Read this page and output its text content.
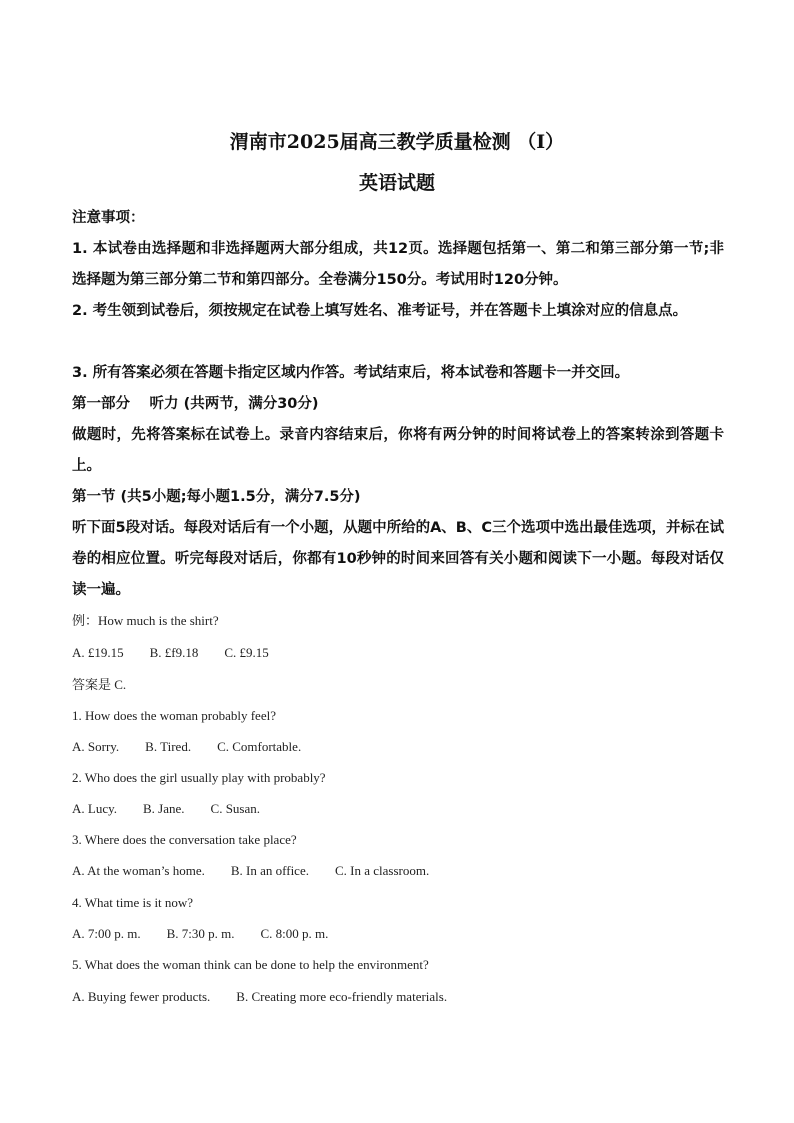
渭南市2025届高三教学质量检测 （Ⅰ）
英语试题

注意事项：

1. 本试卷由选择题和非选择题两大部分组成，共12页。选择题包括第一、第二和第三部分第一节;非选择题为第三部分第二节和第四部分。全卷满分150分。考试用时120分钟。

2. 考生领到试卷后，须按规定在试卷上填写姓名、准考证号，并在答题卡上填涂对应的信息点。

3. 所有答案必须在答题卡指定区域内作答。考试结束后，将本试卷和答题卡一并交回。

第一部分　 听力 (共两节，满分30分)

做题时，先将答案标在试卷上。录音内容结束后，你将有两分钟的时间将试卷上的答案转涂到答题卡上。

第一节 (共5小题;每小题1.5分，满分7.5分)

听下面5段对话。每段对话后有一个小题，从题中所给的A、B、C三个选项中选出最佳选项，并标在试卷的相应位置。听完每段对话后，你都有10秒钟的时间来回答有关小题和阅读下一小题。每段对话仅读一遍。

例：How much is the shirt?

A. £19.15        B. £f9.18        C. £9.15

答案是 C.

1. How does the woman probably feel?

A. Sorry.        B. Tired.        C. Comfortable.

2. Who does the girl usually play with probably?

A. Lucy.        B. Jane.        C. Susan.

3. Where does the conversation take place?

A. At the woman’s home.        B. In an office.        C. In a classroom.

4. What time is it now?

A. 7:00 p. m.        B. 7:30 p. m.        C. 8:00 p. m.

5. What does the woman think can be done to help the environment?

A. Buying fewer products.        B. Creating more eco-friendly materials.
